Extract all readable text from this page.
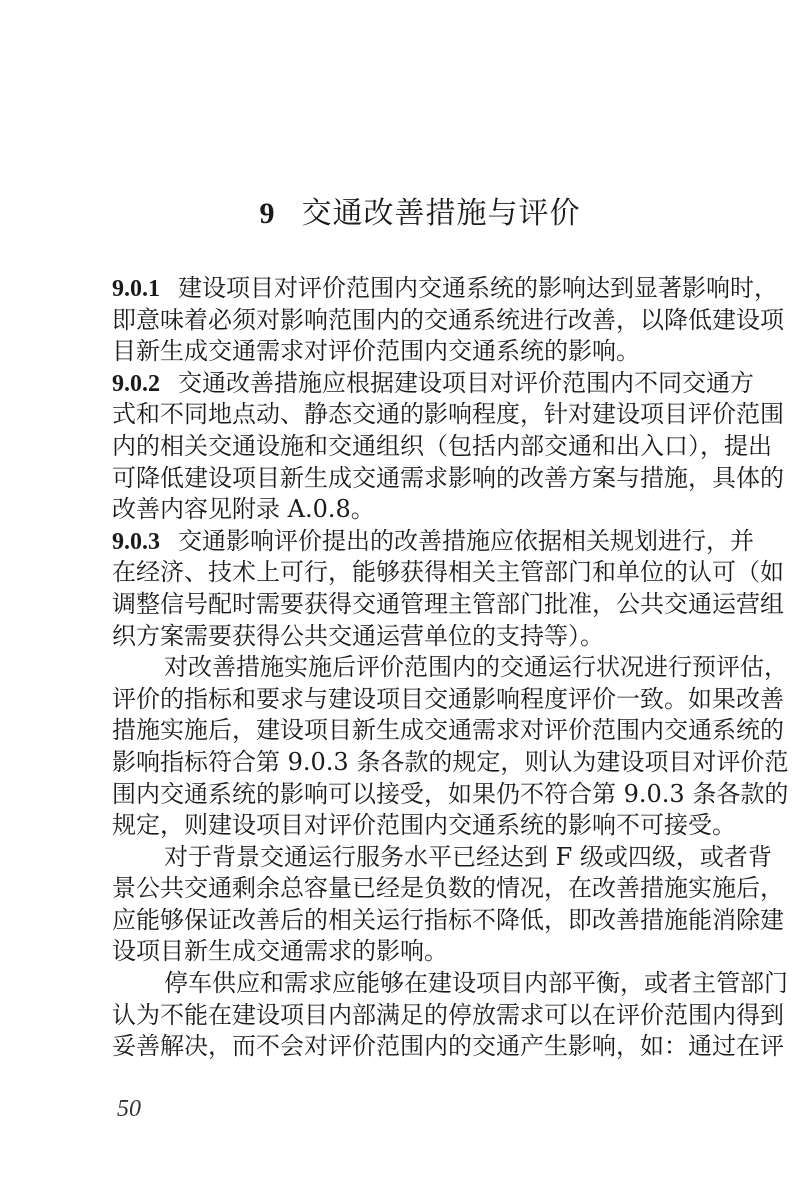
9 交通改善措施与评价
9.0.1 建设项目对评价范围内交通系统的影响达到显著影响时，
即意味着必须对影响范围内的交通系统进行改善，以降低建设项
目新生成交通需求对评价范围内交通系统的影响。
9.0.2 交通改善措施应根据建设项目对评价范围内不同交通方
式和不同地点动、静态交通的影响程度，针对建设项目评价范围
内的相关交通设施和交通组织（包括内部交通和出入口），提出
可降低建设项目新生成交通需求影响的改善方案与措施，具体的
改善内容见附录 A.0.8。
9.0.3 交通影响评价提出的改善措施应依据相关规划进行，并
在经济、技术上可行，能够获得相关主管部门和单位的认可（如
调整信号配时需要获得交通管理主管部门批准，公共交通运营组
织方案需要获得公共交通运营单位的支持等）。
对改善措施实施后评价范围内的交通运行状况进行预评估，
评价的指标和要求与建设项目交通影响程度评价一致。如果改善
措施实施后，建设项目新生成交通需求对评价范围内交通系统的
影响指标符合第 9.0.3 条各款的规定，则认为建设项目对评价范
围内交通系统的影响可以接受，如果仍不符合第 9.0.3 条各款的
规定，则建设项目对评价范围内交通系统的影响不可接受。
对于背景交通运行服务水平已经达到 F 级或四级，或者背
景公共交通剩余总容量已经是负数的情况，在改善措施实施后，
应能够保证改善后的相关运行指标不降低，即改善措施能消除建
设项目新生成交通需求的影响。
停车供应和需求应能够在建设项目内部平衡，或者主管部门
认为不能在建设项目内部满足的停放需求可以在评价范围内得到
妥善解决，而不会对评价范围内的交通产生影响，如：通过在评
50
